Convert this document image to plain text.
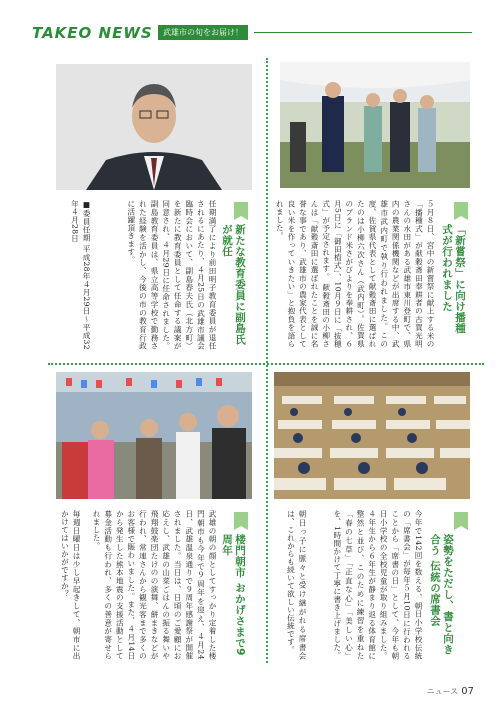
TAKEO NEWS	武雄市の旬をお届け！
「新嘗祭」に向け播種式が行われました
５月８日、宮中の新嘗祭に献上する米の「播種式」が献穀斎田奉耕者の古賀光明さんの水田がある武雄市東川登町で、県内の農業関係機関などが出席する中、武雄市武内町で執り行われました。この度、佐賀県代表として献穀斎田に選ばれたのは小柳六次さん（武内町）。佐賀県のブランド米さがびよりを奉耕され、６月5日に「御田植式」、10月９日に「抜穂式」が予定されます。 献穀斎田の小柳さんは「献穀斎田に選ばれたことを誠に名誉な事であり、武雄市の農家代表として良い米を作っていきたい」と抱負を語られました。
新たな教育委員に副島氏が就任
任期満了により前田明子教育委員が退任されるにあたり、４月25日の武雄市議会臨時会において、副島春夫氏（北方町）を新たに教育委員として任命する議案が同意され、４月29日に任命されました。 副島教育委員は、県立高等学校で勤務された経験を活かし、今後の市の教育行政に活躍頂きます。
■委員任期 平成28年４月29日〜平成32年４月28日
楼門朝市 おかげさまで9周年
武雄の朝の顔としてすっかり定着した楼門朝市も今年で９周年を迎え、４月24日、武雄温泉通りで９周年感謝祭が開催されました。当日は、日頃のご愛顧にお応えし、武雄の山菜ごはんの振る舞いや飛翔鼓楽団たけのの演舞、餅まきなどが行われ、常連さんから観光客まで多くのお客様で賑わいました。また、４月14日から発生した熊本地震の支援活動として募金活動も行われ、多くの善意が寄せられました。
毎週日曜日は少し早起きして、朝市に出かけてはいかがですか？	姿勢をただし、書と向き合う 伝統の席書会
今年で142回を数える、朝日小学校伝統の「席書会」が毎年５月10日に行われることから「席書の日」として、今年も朝日小学校の全校児童が取り組みました。４年生から６年生が静まり返る体育館に整然と並び、このために練習を重ねた「春の七草」「正直な心」「美しい心」を、1時間かけて丁寧に書き上げました。
朝日っ子に脈々と受け継がれる席書会は、これからも続いて欲しい伝統です。
ニュース 07
